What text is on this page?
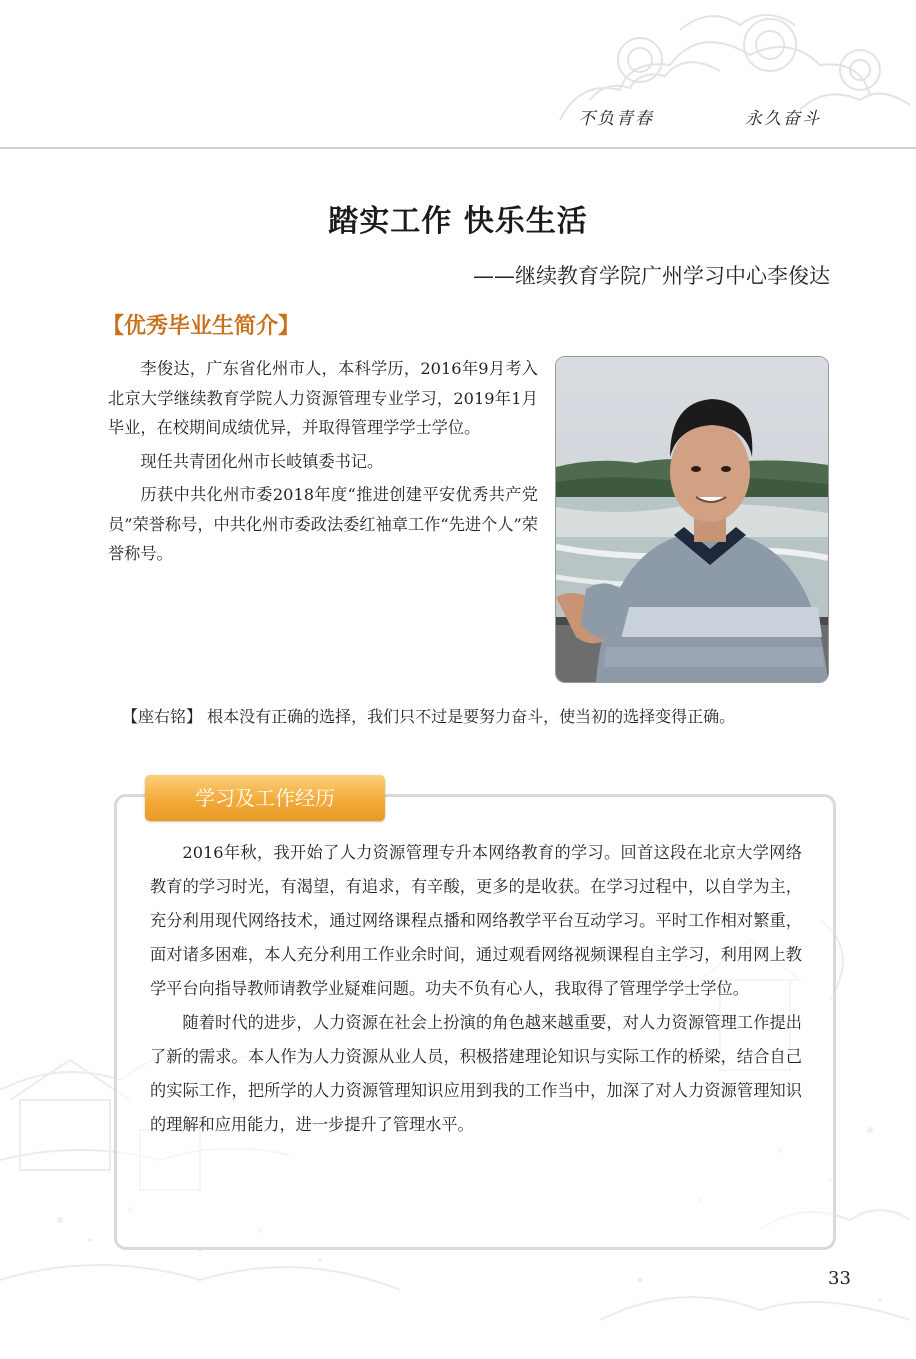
不负青春	永久奋斗
踏实工作 快乐生活
——继续教育学院广州学习中心李俊达
【优秀毕业生简介】

李俊达，广东省化州市人，本科学历，2016年9月考入北京大学继续教育学院人力资源管理专业学习，2019年1月毕业，在校期间成绩优异，并取得管理学学士学位。

现任共青团化州市长岐镇委书记。

历获中共化州市委2018年度“推进创建平安优秀共产党员”荣誉称号，中共化州市委政法委红袖章工作“先进个人”荣誉称号。

【座右铭】 根本没有正确的选择，我们只不过是要努力奋斗，使当初的选择变得正确。
学习及工作经历

2016年秋，我开始了人力资源管理专升本网络教育的学习。回首这段在北京大学网络教育的学习时光，有渴望，有追求，有辛酸，更多的是收获。在学习过程中，以自学为主，充分利用现代网络技术，通过网络课程点播和网络教学平台互动学习。平时工作相对繁重，面对诸多困难，本人充分利用工作业余时间，通过观看网络视频课程自主学习，利用网上教学平台向指导教师请教学业疑难问题。功夫不负有心人，我取得了管理学学士学位。

随着时代的进步，人力资源在社会上扮演的角色越来越重要，对人力资源管理工作提出了新的需求。本人作为人力资源从业人员，积极搭建理论知识与实际工作的桥梁，结合自己的实际工作，把所学的人力资源管理知识应用到我的工作当中，加深了对人力资源管理知识的理解和应用能力，进一步提升了管理水平。

33
